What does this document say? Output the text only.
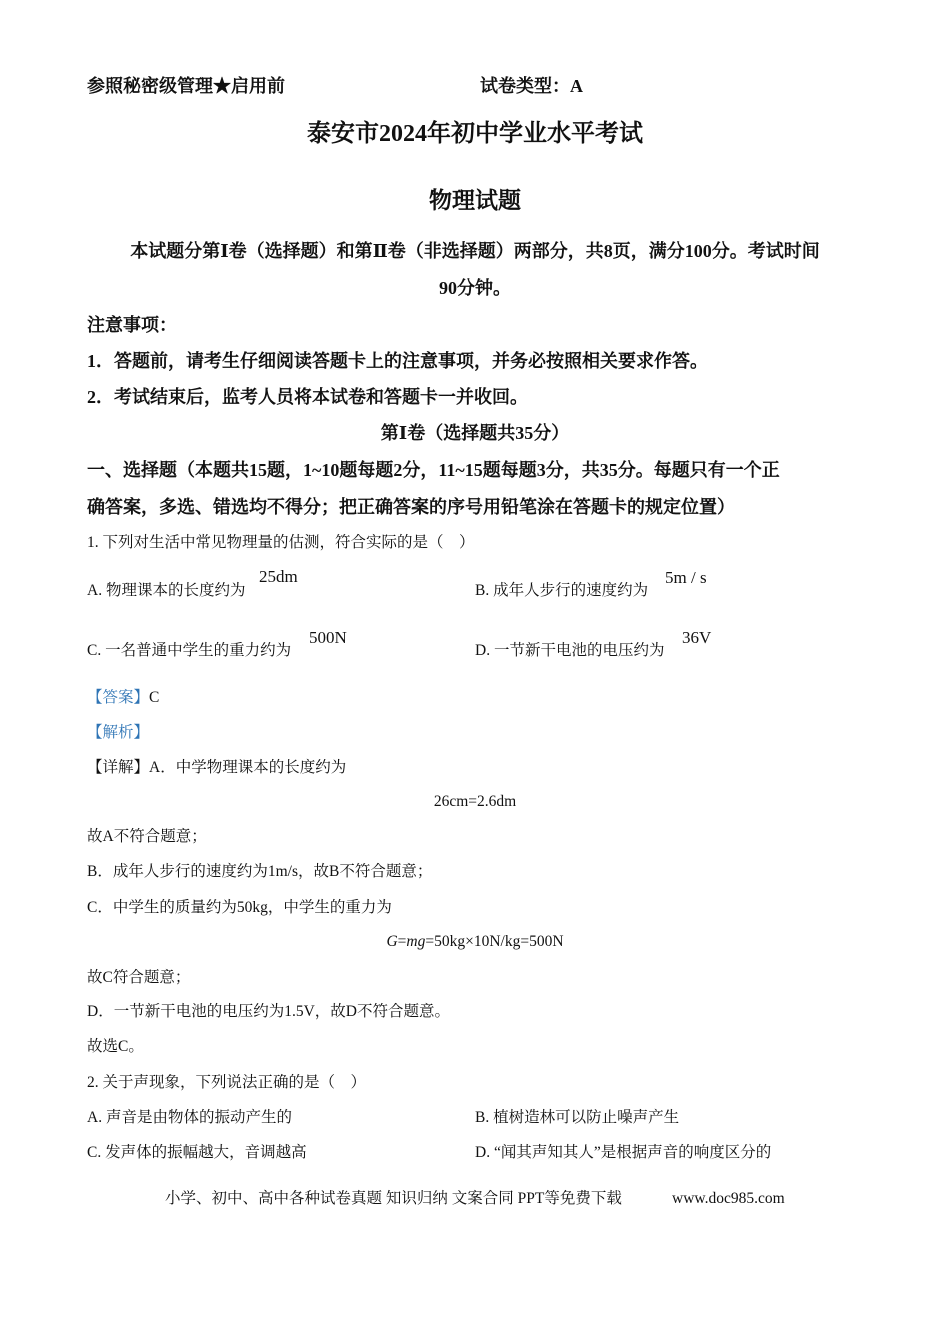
参照秘密级管理★启用前	试卷类型：A
泰安市2024年初中学业水平考试
物理试题
本试题分第Ⅰ卷（选择题）和第Ⅱ卷（非选择题）两部分，共8页，满分100分。考试时间
90分钟。
注意事项：
1．答题前，请考生仔细阅读答题卡上的注意事项，并务必按照相关要求作答。
2．考试结束后，监考人员将本试卷和答题卡一并收回。
第Ⅰ卷（选择题共35分）
一、选择题（本题共15题，1~10题每题2分，11~15题每题3分，共35分。每题只有一个正
确答案，多选、错选均不得分；把正确答案的序号用铅笔涂在答题卡的规定位置）
1. 下列对生活中常见物理量的估测，符合实际的是（　）
A. 物理课本的长度约为
25dm
B. 成年人步行的速度约为
5m / s
C. 一名普通中学生的重力约为
500N
D. 一节新干电池的电压约为
36V
【答案】C
【解析】
【详解】A．中学物理课本的长度约为
26cm=2.6dm
故A不符合题意；
B．成年人步行的速度约为1m/s，故B不符合题意；
C．中学生的质量约为50kg，中学生的重力为
G=mg=50kg×10N/kg=500N
故C符合题意；
D．一节新干电池的电压约为1.5V，故D不符合题意。
故选C。
2. 关于声现象，下列说法正确的是（　）
A. 声音是由物体的振动产生的	B. 植树造林可以防止噪声产生
C. 发声体的振幅越大，音调越高	D. “闻其声知其人”是根据声音的响度区分的
小学、初中、高中各种试卷真题 知识归纳 文案合同 PPT等免费下载	www.doc985.com
